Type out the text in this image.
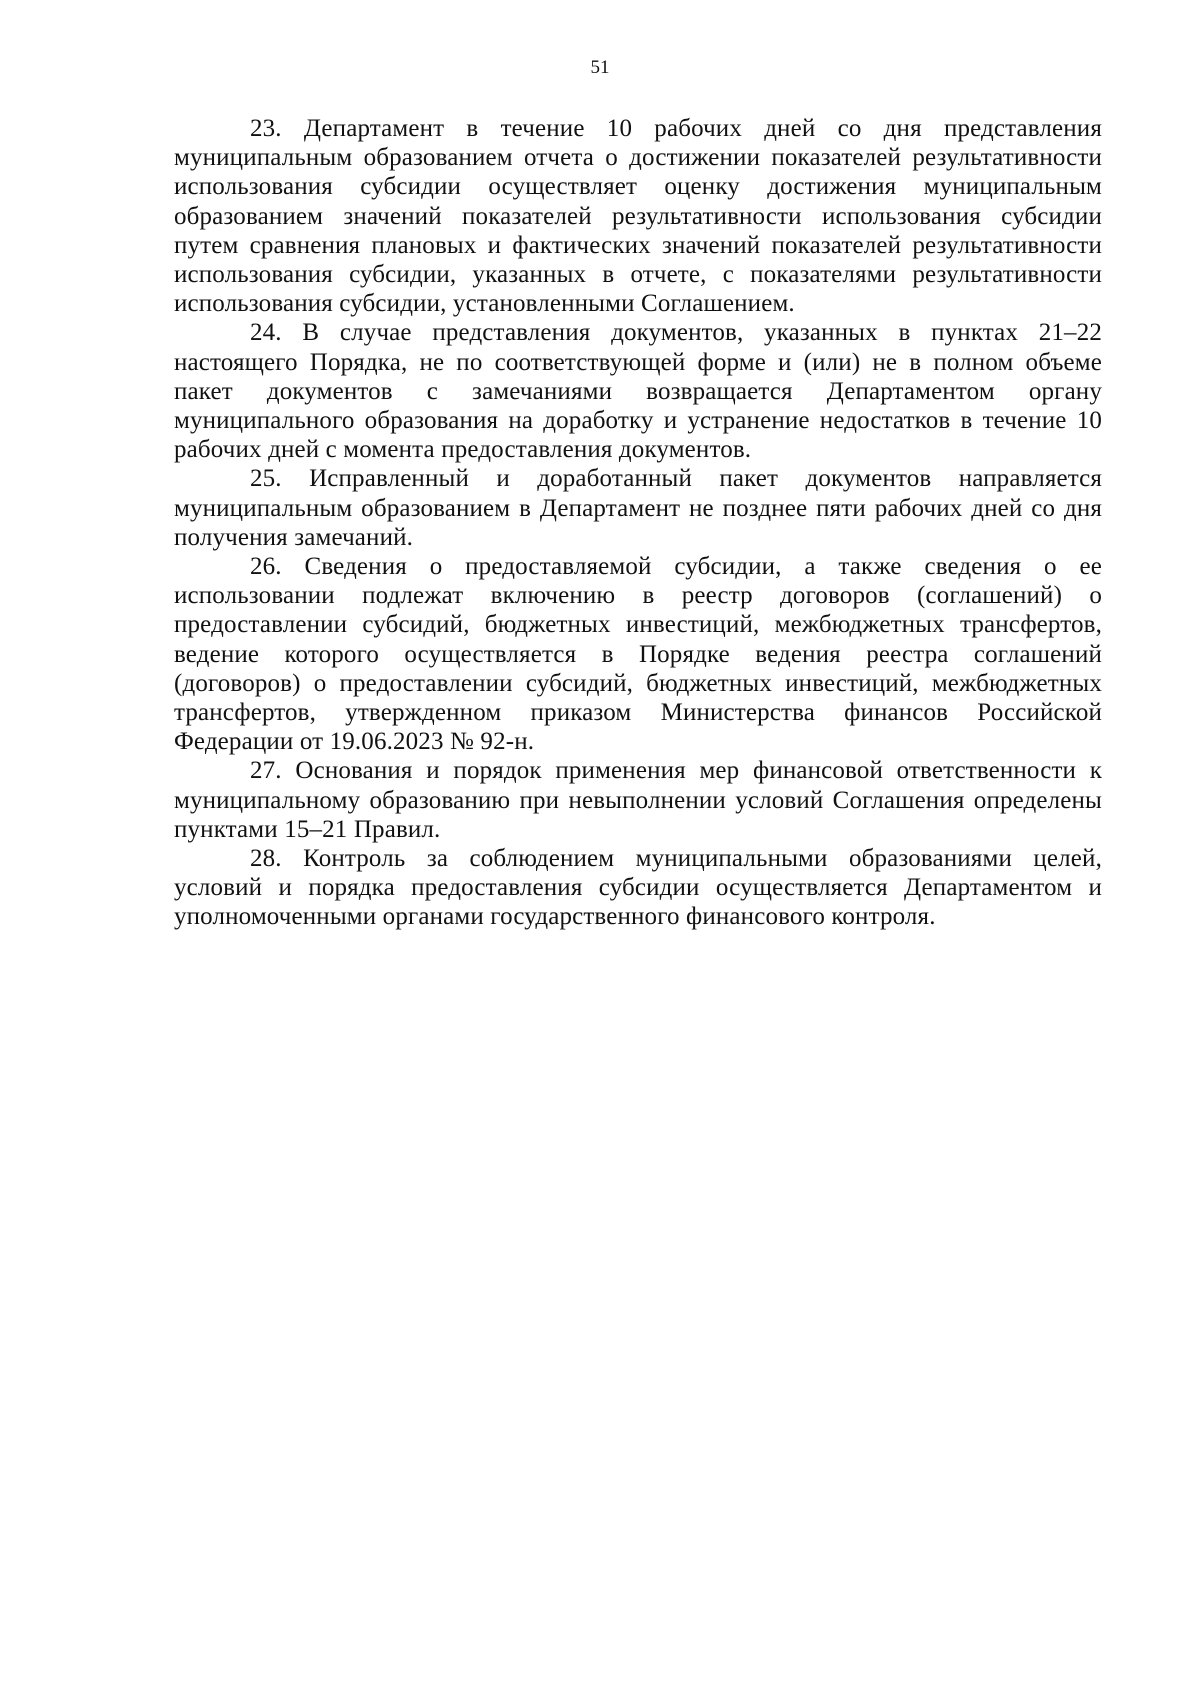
51

23. Департамент в течение 10 рабочих дней со дня представления муниципальным образованием отчета о достижении показателей результативности использования субсидии осуществляет оценку достижения муниципальным образованием значений показателей результативности использования субсидии путем сравнения плановых и фактических значений показателей результативности использования субсидии, указанных в отчете, с показателями результативности использования субсидии, установленными Соглашением.

24. В случае представления документов, указанных в пунктах 21–22 настоящего Порядка, не по соответствующей форме и (или) не в полном объеме пакет документов с замечаниями возвращается Департаментом органу муниципального образования на доработку и устранение недостатков в течение 10 рабочих дней с момента предоставления документов.

25. Исправленный и доработанный пакет документов направляется муниципальным образованием в Департамент не позднее пяти рабочих дней со дня получения замечаний.

26. Сведения о предоставляемой субсидии, а также сведения о ее использовании подлежат включению в реестр договоров (соглашений) о предоставлении субсидий, бюджетных инвестиций, межбюджетных трансфертов, ведение которого осуществляется в Порядке ведения реестра соглашений (договоров) о предоставлении субсидий, бюджетных инвестиций, межбюджетных трансфертов, утвержденном приказом Министерства финансов Российской Федерации от 19.06.2023 № 92-н.

27. Основания и порядок применения мер финансовой ответственности к муниципальному образованию при невыполнении условий Соглашения определены пунктами 15–21 Правил.

28. Контроль за соблюдением муниципальными образованиями целей, условий и порядка предоставления субсидии осуществляется Департаментом и уполномоченными органами государственного финансового контроля.
